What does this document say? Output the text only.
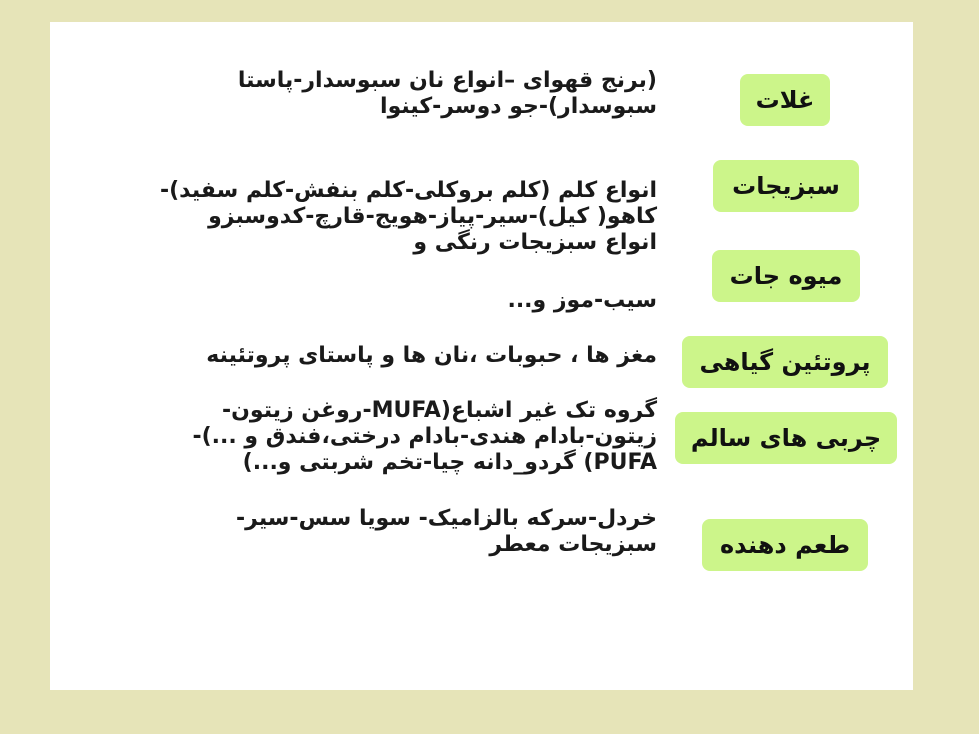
(برنج قهوای –انواع نان سبوسدار-پاستا
سبوسدار)-جو دوسر-کینوا
انواع کلم (کلم بروکلی-کلم بنفش-کلم سفید)-
کاهو( کیل)-سیر-پیاز-هویج-قارچ-کدوسبزو
انواع سبزیجات رنگی و
سیب-موز و...
مغز ها ، حبوبات ،نان ها و پاستای پروتئینه
گروه تک غیر اشباع(MUFA-روغن زیتون-
زیتون-بادام هندی-بادام درختی،فندق و ...)-
PUFA) گردو_دانه چیا-تخم شربتی و...)
خردل-سرکه بالزامیک- سویا سس-سیر-
سبزیجات معطر
غلات
سبزیجات
میوه جات
پروتئین گیاهی
چربی های سالم
طعم دهنده
